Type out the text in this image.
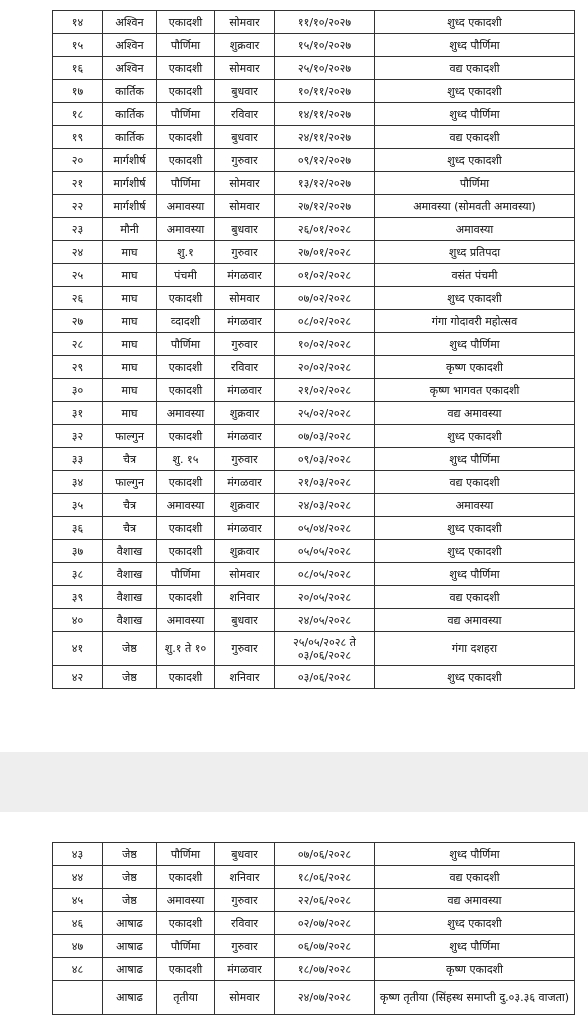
१४	अश्विन	एकादशी	सोमवार	११/१०/२०२७	शुध्द एकादशी
१५	अश्विन	पौर्णिमा	शुक्रवार	१५/१०/२०२७	शुध्द पौर्णिमा
१६	अश्विन	एकादशी	सोमवार	२५/१०/२०२७	वद्य एकादशी
१७	कार्तिक	एकादशी	बुधवार	१०/११/२०२७	शुध्द एकादशी
१८	कार्तिक	पौर्णिमा	रविवार	१४/११/२०२७	शुध्द पौर्णिमा
१९	कार्तिक	एकादशी	बुधवार	२४/११/२०२७	वद्य एकादशी
२०	मार्गशीर्ष	एकादशी	गुरुवार	०९/१२/२०२७	शुध्द एकादशी
२१	मार्गशीर्ष	पौर्णिमा	सोमवार	१३/१२/२०२७	पौर्णिमा
२२	मार्गशीर्ष	अमावस्या	सोमवार	२७/१२/२०२७	अमावस्या (सोमवती अमावस्या)
२३	मौनी	अमावस्या	बुधवार	२६/०१/२०२८	अमावस्या
२४	माघ	शु.१	गुरुवार	२७/०१/२०२८	शुध्द प्रतिपदा
२५	माघ	पंचमी	मंगळवार	०१/०२/२०२८	वसंत पंचमी
२६	माघ	एकादशी	सोमवार	०७/०२/२०२८	शुध्द एकादशी
२७	माघ	व्दादशी	मंगळवार	०८/०२/२०२८	गंगा गोदावरी महोत्सव
२८	माघ	पौर्णिमा	गुरुवार	१०/०२/२०२८	शुध्द पौर्णिमा
२९	माघ	एकादशी	रविवार	२०/०२/२०२८	कृष्ण एकादशी
३०	माघ	एकादशी	मंगळवार	२१/०२/२०२८	कृष्ण भागवत एकादशी
३१	माघ	अमावस्या	शुक्रवार	२५/०२/२०२८	वद्य अमावस्या
३२	फाल्गुन	एकादशी	मंगळवार	०७/०३/२०२८	शुध्द एकादशी
३३	चैत्र	शु. १५	गुरुवार	०९/०३/२०२८	शुध्द पौर्णिमा
३४	फाल्गुन	एकादशी	मंगळवार	२१/०३/२०२८	वद्य एकादशी
३५	चैत्र	अमावस्या	शुक्रवार	२४/०३/२०२८	अमावस्या
३६	चैत्र	एकादशी	मंगळवार	०५/०४/२०२८	शुध्द एकादशी
३७	वैशाख	एकादशी	शुक्रवार	०५/०५/२०२८	शुध्द एकादशी
३८	वैशाख	पौर्णिमा	सोमवार	०८/०५/२०२८	शुध्द पौर्णिमा
३९	वैशाख	एकादशी	शनिवार	२०/०५/२०२८	वद्य एकादशी
४०	वैशाख	अमावस्या	बुधवार	२४/०५/२०२८	वद्य अमावस्या
४१	जेष्ठ	शु.१ ते १०	गुरुवार	२५/०५/२०२८ ते ०३/०६/२०२८	गंगा दशहरा
४२	जेष्ठ	एकादशी	शनिवार	०३/०६/२०२८	शुध्द एकादशी
४३	जेष्ठ	पौर्णिमा	बुधवार	०७/०६/२०२८	शुध्द पौर्णिमा
४४	जेष्ठ	एकादशी	शनिवार	१८/०६/२०२८	वद्य एकादशी
४५	जेष्ठ	अमावस्या	गुरुवार	२२/०६/२०२८	वद्य अमावस्या
४६	आषाढ	एकादशी	रविवार	०२/०७/२०२८	शुध्द एकादशी
४७	आषाढ	पौर्णिमा	गुरुवार	०६/०७/२०२८	शुध्द पौर्णिमा
४८	आषाढ	एकादशी	मंगळवार	१८/०७/२०२८	कृष्ण एकादशी
	आषाढ	तृतीया	सोमवार	२४/०७/२०२८	कृष्ण तृतीया (सिंहस्थ समाप्ती दु.०३.३६ वाजता)
